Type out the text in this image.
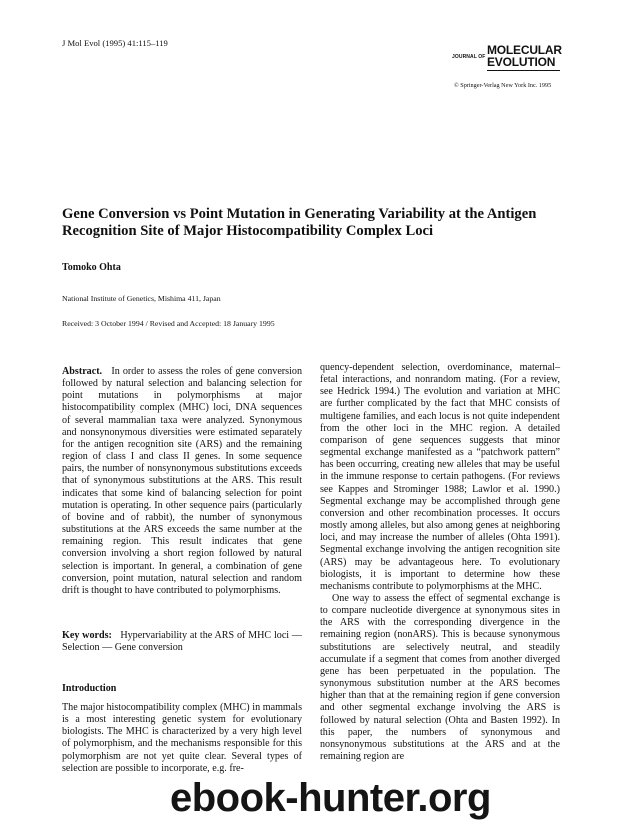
J Mol Evol (1995) 41:115–119
JOURNAL OF MOLECULAR
EVOLUTION
© Springer-Verlag New York Inc. 1995
Gene Conversion vs Point Mutation in Generating Variability at the Antigen
Recognition Site of Major Histocompatibility Complex Loci
Tomoko Ohta
National Institute of Genetics, Mishima 411, Japan
Received: 3 October 1994 / Revised and Accepted: 18 January 1995

Abstract. In order to assess the roles of gene conversion followed by natural selection and balancing selection for point mutations in polymorphisms at major histocompatibility complex (MHC) loci, DNA sequences of several mammalian taxa were analyzed. Synonymous and nonsynonymous diversities were estimated separately for the antigen recognition site (ARS) and the remaining region of class I and class II genes. In some sequence pairs, the number of nonsynonymous substitutions exceeds that of synonymous substitutions at the ARS. This result indicates that some kind of balancing selection for point mutation is operating. In other sequence pairs (particularly of bovine and of rabbit), the number of synonymous substitutions at the ARS exceeds the same number at the remaining region. This result indicates that gene conversion involving a short region followed by natural selection is important. In general, a combination of gene conversion, point mutation, natural selection and random drift is thought to have contributed to polymorphisms.

Key words: Hypervariability at the ARS of MHC loci — Selection — Gene conversion

Introduction

The major histocompatibility complex (MHC) in mammals is a most interesting genetic system for evolutionary biologists. The MHC is characterized by a very high level of polymorphism, and the mechanisms responsible for this polymorphism are not yet quite clear. Several types of selection are possible to incorporate, e.g. fre-

quency-dependent selection, overdominance, maternal–fetal interactions, and nonrandom mating. (For a review, see Hedrick 1994.) The evolution and variation at MHC are further complicated by the fact that MHC consists of multigene families, and each locus is not quite independent from the other loci in the MHC region. A detailed comparison of gene sequences suggests that minor segmental exchange manifested as a “patchwork pattern” has been occurring, creating new alleles that may be useful in the immune response to certain pathogens. (For reviews see Kappes and Strominger 1988; Lawlor et al. 1990.) Segmental exchange may be accomplished through gene conversion and other recombination processes. It occurs mostly among alleles, but also among genes at neighboring loci, and may increase the number of alleles (Ohta 1991). Segmental exchange involving the antigen recognition site (ARS) may be advantageous here. To evolutionary biologists, it is important to determine how these mechanisms contribute to polymorphisms at the MHC.

One way to assess the effect of segmental exchange is to compare nucleotide divergence at synonymous sites in the ARS with the corresponding divergence in the remaining region (nonARS). This is because synonymous substitutions are selectively neutral, and steadily accumulate if a segment that comes from another diverged gene has been perpetuated in the population. The synonymous substitution number at the ARS becomes higher than that at the remaining region if gene conversion and other segmental exchange involving the ARS is followed by natural selection (Ohta and Basten 1992). In this paper, the numbers of synonymous and nonsynonymous substitutions at the ARS and at the remaining region are

ebook-hunter.org
